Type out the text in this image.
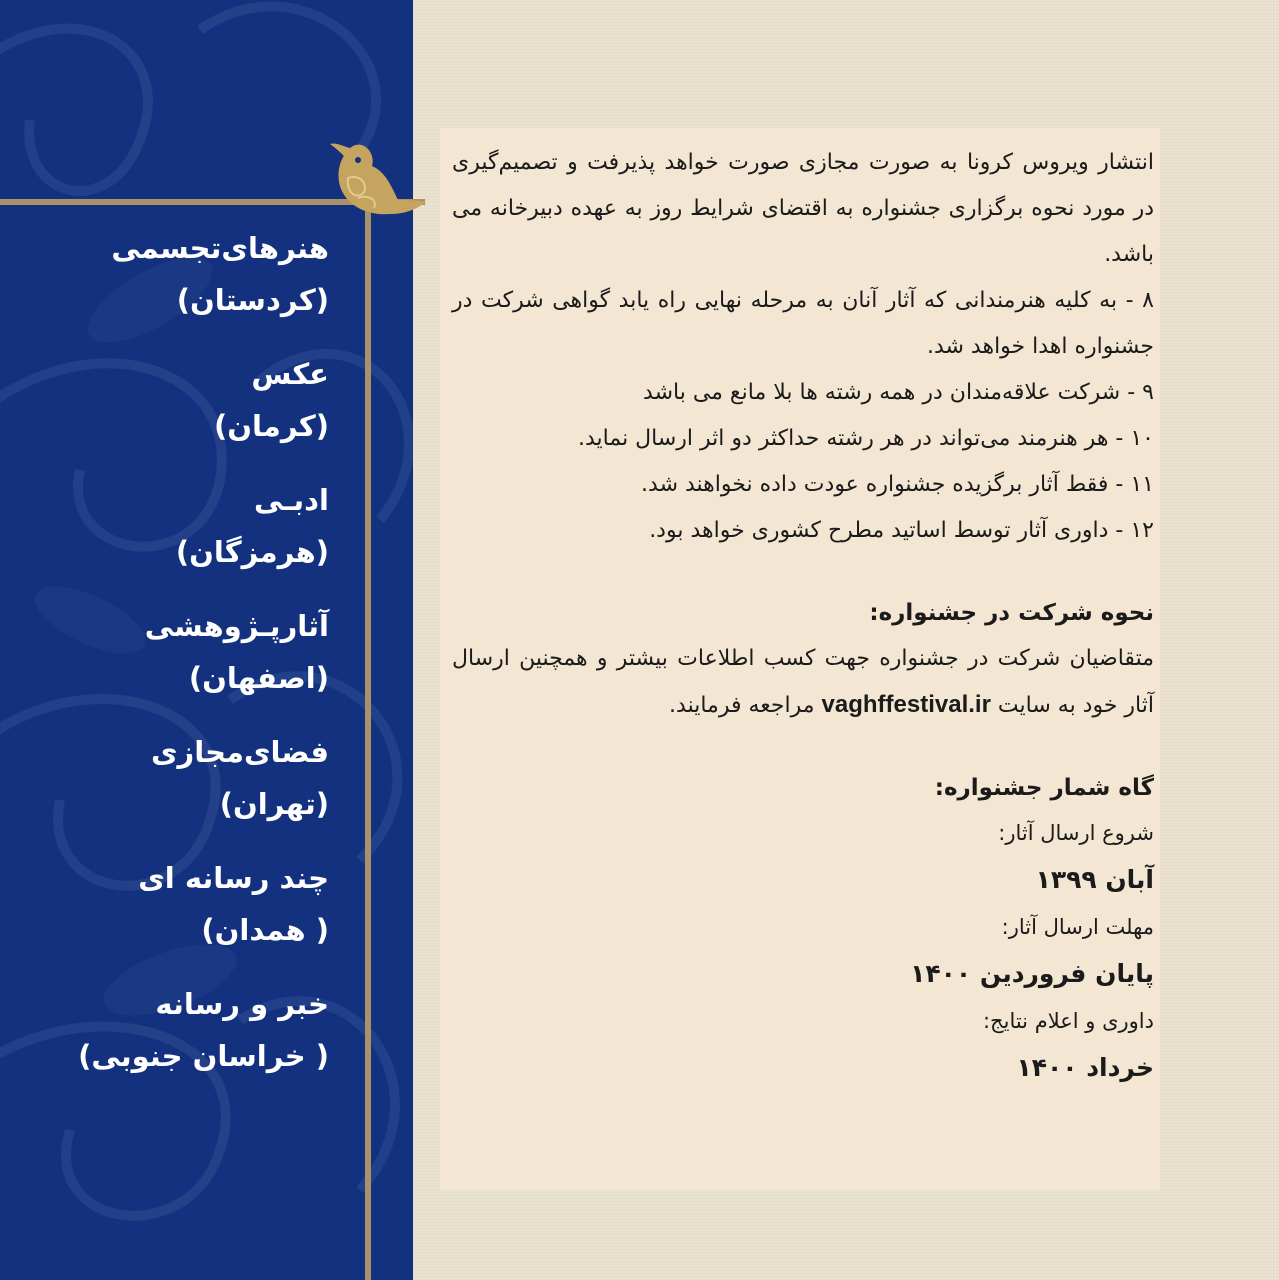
هنرهای‌تجسمی
(کردستان)
عکس
(کرمان)
ادبـی
(هرمزگان)
آثارپـژوهشی
(اصفهان)
فضای‌مجازی
(تهران)
چند رسانه ای
( همدان)
خبر و رسانه
( خراسان جنوبی)

انتشار ویروس کرونا به صورت مجازی صورت خواهد پذیرفت و تصمیم‌گیری در مورد نحوه برگزاری جشنواره به اقتضای شرایط روز به عهده دبیرخانه می باشد.

۸ - به کلیه هنرمندانی که آثار آنان به مرحله نهایی راه یابد گواهی شرکت در جشنواره اهدا خواهد شد.

۹ - شرکت علاقه‌مندان در همه رشته ها بلا مانع می باشد

۱۰ - هر هنرمند می‌تواند در هر رشته حداکثر دو اثر ارسال نماید.

۱۱ - فقط آثار برگزیده جشنواره عودت داده نخواهند شد.

۱۲ - داوری آثار توسط اساتید مطرح کشوری خواهد بود.

نحوه شرکت در جشنواره:

متقاضیان شرکت در جشنواره جهت کسب اطلاعات بیشتر و همچنین ارسال آثار خود به سایت vaghffestival.ir مراجعه فرمایند.

گاه شمار جشنواره:

شروع ارسال آثار:

آبان ۱۳۹۹

مهلت ارسال آثار:

پایان فروردین ۱۴۰۰

داوری و اعلام نتایج:

خرداد ۱۴۰۰
